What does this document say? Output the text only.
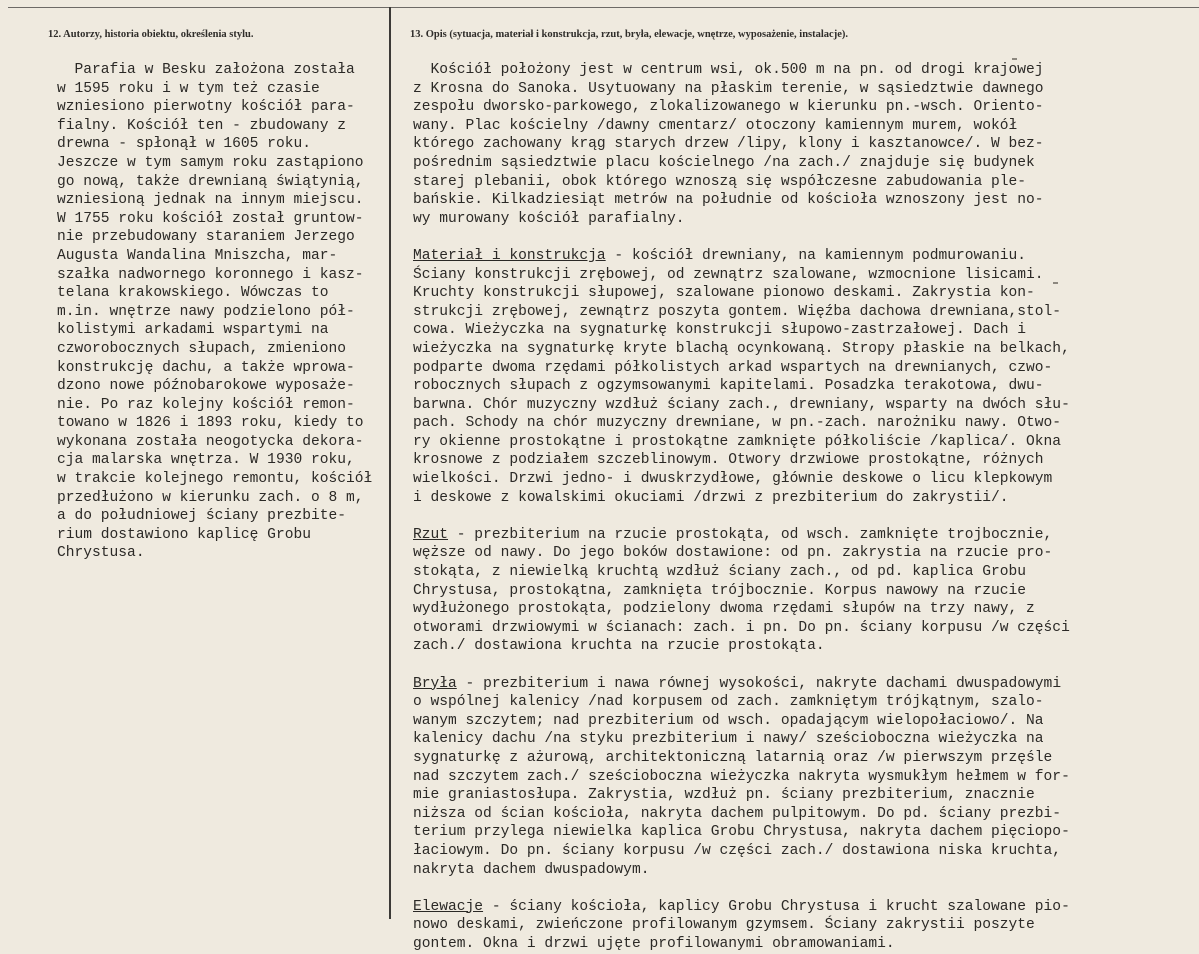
12. Autorzy, historia obiektu, określenia stylu.	13. Opis (sytuacja, materiał i konstrukcja, rzut, bryła, elewacje, wnętrze, wyposażenie, instalacje).
Parafia w Besku założona została
w 1595 roku i w tym też czasie
wzniesiono pierwotny kościół para-
fialny. Kościół ten - zbudowany z
drewna - spłonął w 1605 roku.
Jeszcze w tym samym roku zastąpiono
go nową, także drewnianą świątynią,
wzniesioną jednak na innym miejscu.
W 1755 roku kościół został gruntow-
nie przebudowany staraniem Jerzego
Augusta Wandalina Mniszcha, mar-
szałka nadwornego koronnego i kasz-
telana krakowskiego. Wówczas to
m.in. wnętrze nawy podzielono pół-
kolistymi arkadami wspartymi na
czworobocznych słupach, zmieniono
konstrukcję dachu, a także wprowa-
dzono nowe późnobarokowe wyposaże-
nie. Po raz kolejny kościół remon-
towano w 1826 i 1893 roku, kiedy to
wykonana została neogotycka dekora-
cja malarska wnętrza. W 1930 roku,
w trakcie kolejnego remontu, kościół
przedłużono w kierunku zach. o 8 m,
a do południowej ściany prezbite-
rium dostawiono kaplicę Grobu
Chrystusa.
Kościół położony jest w centrum wsi, ok.500 m na pn. od drogi krajowej
z Krosna do Sanoka. Usytuowany na płaskim terenie, w sąsiedztwie dawnego
zespołu dworsko-parkowego, zlokalizowanego w kierunku pn.-wsch. Oriento-
wany. Plac kościelny /dawny cmentarz/ otoczony kamiennym murem, wokół
którego zachowany krąg starych drzew /lipy, klony i kasztanowce/. W bez-
pośrednim sąsiedztwie placu kościelnego /na zach./ znajduje się budynek
starej plebanii, obok którego wznoszą się współczesne zabudowania ple-
bańskie. Kilkadziesiąt metrów na południe od kościoła wznoszony jest no-
wy murowany kościół parafialny.
Materiał i konstrukcja - kościół drewniany, na kamiennym podmurowaniu.
Ściany konstrukcji zrębowej, od zewnątrz szalowane, wzmocnione lisicami.
Kruchty konstrukcji słupowej, szalowane pionowo deskami. Zakrystia kon-
strukcji zrębowej, zewnątrz poszyta gontem. Więźba dachowa drewniana,stol-
cowa. Wieżyczka na sygnaturkę konstrukcji słupowo-zastrzałowej. Dach i
wieżyczka na sygnaturkę kryte blachą ocynkowaną. Stropy płaskie na belkach,
podparte dwoma rzędami półkolistych arkad wspartych na drewnianych, czwo-
robocznych słupach z ogzymsowanymi kapitelami. Posadzka terakotowa, dwu-
barwna. Chór muzyczny wzdłuż ściany zach., drewniany, wsparty na dwóch słu-
pach. Schody na chór muzyczny drewniane, w pn.-zach. narożniku nawy. Otwo-
ry okienne prostokątne i prostokątne zamknięte półkoliście /kaplica/. Okna
krosnowe z podziałem szczeblinowym. Otwory drzwiowe prostokątne, różnych
wielkości. Drzwi jedno- i dwuskrzydłowe, głównie deskowe o licu klepkowym
i deskowe z kowalskimi okuciami /drzwi z prezbiterium do zakrystii/.
Rzut - prezbiterium na rzucie prostokąta, od wsch. zamknięte trojbocznie,
węższe od nawy. Do jego boków dostawione: od pn. zakrystia na rzucie pro-
stokąta, z niewielką kruchtą wzdłuż ściany zach., od pd. kaplica Grobu
Chrystusa, prostokątna, zamknięta trójbocznie. Korpus nawowy na rzucie
wydłużonego prostokąta, podzielony dwoma rzędami słupów na trzy nawy, z
otworami drzwiowymi w ścianach: zach. i pn. Do pn. ściany korpusu /w części
zach./ dostawiona kruchta na rzucie prostokąta.
Bryła - prezbiterium i nawa równej wysokości, nakryte dachami dwuspadowymi
o wspólnej kalenicy /nad korpusem od zach. zamkniętym trójkątnym, szalo-
wanym szczytem; nad prezbiterium od wsch. opadającym wielopołaciowo/. Na
kalenicy dachu /na styku prezbiterium i nawy/ sześcioboczna wieżyczka na
sygnaturkę z ażurową, architektoniczną latarnią oraz /w pierwszym przęśle
nad szczytem zach./ sześcioboczna wieżyczka nakryta wysmukłym hełmem w for-
mie graniastosłupa. Zakrystia, wzdłuż pn. ściany prezbiterium, znacznie
niższa od ścian kościoła, nakryta dachem pulpitowym. Do pd. ściany prezbi-
terium przylega niewielka kaplica Grobu Chrystusa, nakryta dachem pięciopo-
łaciowym. Do pn. ściany korpusu /w części zach./ dostawiona niska kruchta,
nakryta dachem dwuspadowym.
Elewacje - ściany kościoła, kaplicy Grobu Chrystusa i krucht szalowane pio-
nowo deskami, zwieńczone profilowanym gzymsem. Ściany zakrystii poszyte
gontem. Okna i drzwi ujęte profilowanymi obramowaniami.
